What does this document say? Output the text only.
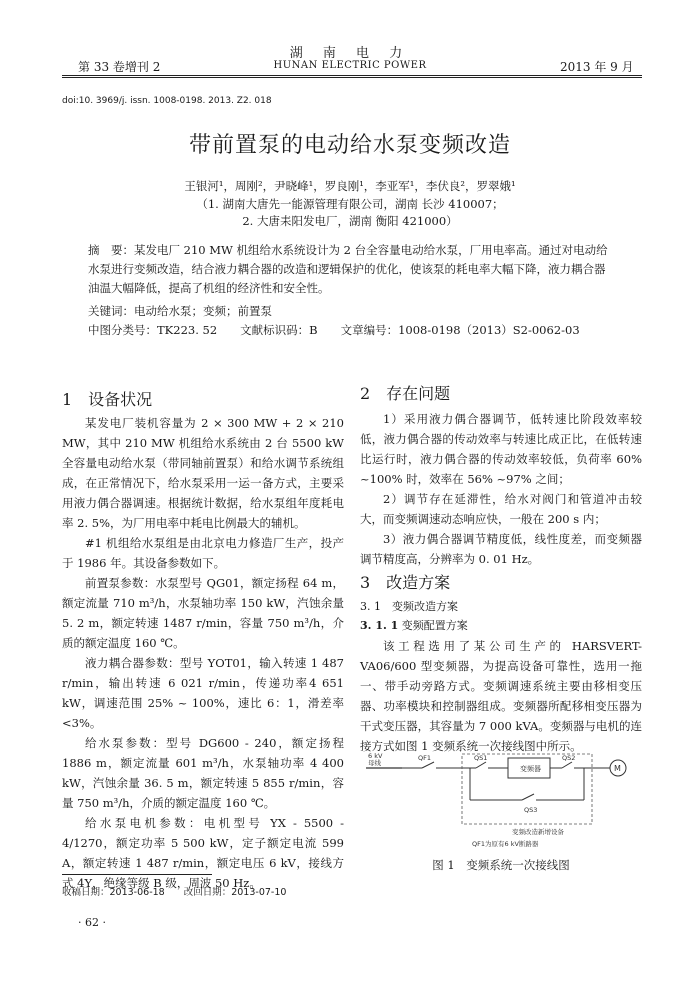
湖 南 电 力
第 33 卷增刊 2	HUNAN ELECTRIC POWER	2013 年 9 月
doi:10. 3969/j. issn. 1008-0198. 2013. Z2. 018
带前置泵的电动给水泵变频改造
王银河¹，周刚²，尹晓峰¹，罗良刚¹，李亚军¹，李伏良²，罗翠娥¹
（1. 湖南大唐先一能源管理有限公司，湖南 长沙 410007；
2. 大唐耒阳发电厂，湖南 衡阳 421000）
摘　要：某发电厂 210 MW 机组给水系统设计为 2 台全容量电动给水泵，厂用电率高。通过对电动给水泵进行变频改造，结合液力耦合器的改造和逻辑保护的优化，使该泵的耗电率大幅下降，液力耦合器油温大幅降低，提高了机组的经济性和安全性。
关键词：电动给水泵；变频；前置泵
中图分类号：TK223. 52　　文献标识码：B　　文章编号：1008-0198（2013）S2-0062-03
1　设备状况
某发电厂装机容量为 2 × 300 MW + 2 × 210 MW，其中 210 MW 机组给水系统由 2 台 5500 kW 全容量电动给水泵（带同轴前置泵）和给水调节系统组成，在正常情况下，给水泵采用一运一备方式，主要采用液力偶合器调速。根据统计数据，给水泵组年度耗电率 2. 5%，为厂用电率中耗电比例最大的辅机。
#1 机组给水泵组是由北京电力修造厂生产，投产于 1986 年。其设备参数如下。
前置泵参数：水泵型号 QG01，额定扬程 64 m，额定流量 710 m³/h，水泵轴功率 150 kW，汽蚀余量 5. 2 m，额定转速 1487 r/min，容量 750 m³/h，介质的额定温度 160 ℃。
液力耦合器参数：型号 YOT01，输入转速 1 487 r/min，输出转速 6 021 r/min，传递功率4 651 kW，调速范围 25% ~ 100%，速比 6：1，滑差率 <3%。
给水泵参数：型号 DG600 - 240，额定扬程 1886 m，额定流量 601 m³/h，水泵轴功率 4 400 kW，汽蚀余量 36. 5 m，额定转速 5 855 r/min，容量 750 m³/h，介质的额定温度 160 ℃。
给水泵电机参数：电机型号 YX - 5500 - 4/1270，额定功率 5 500 kW，定子额定电流 599 A，额定转速 1 487 r/min，额定电压 6 kV，接线方式 4Y，绝缘等级 B 级，周波 50 Hz。
2　存在问题
1）采用液力偶合器调节，低转速比阶段效率较低，液力偶合器的传动效率与转速比成正比，在低转速比运行时，液力偶合器的传动效率较低，负荷率 60% ~100% 时，效率在 56% ~97% 之间；
2）调节存在延滞性，给水对阀门和管道冲击较大，而变频调速动态响应快，一般在 200 s 内；
3）液力偶合器调节精度低，线性度差，而变频器调节精度高，分辨率为 0. 01 Hz。
3　改造方案
3. 1　变频改造方案
3. 1. 1 变频配置方案
该工程选用了某公司生产的 HARSVERT-VA06/600 型变频器，为提高设备可靠性，选用一拖一、带手动旁路方式。变频调速系统主要由移相变压器、功率模块和控制器组成。变频器所配移相变压器为干式变压器，其容量为 7 000 kVA。变频器与电机的连接方式如图 1 变频系统一次接线图中所示。
6 kV
母线
QF1	QS1
变频器
QS2
M
QS3
变频改造新增设备
QF1为原有6 kV断路器
图 1　变频系统一次接线图
收稿日期：2013-06-18　　改回日期：2013-07-10
· 62 ·
